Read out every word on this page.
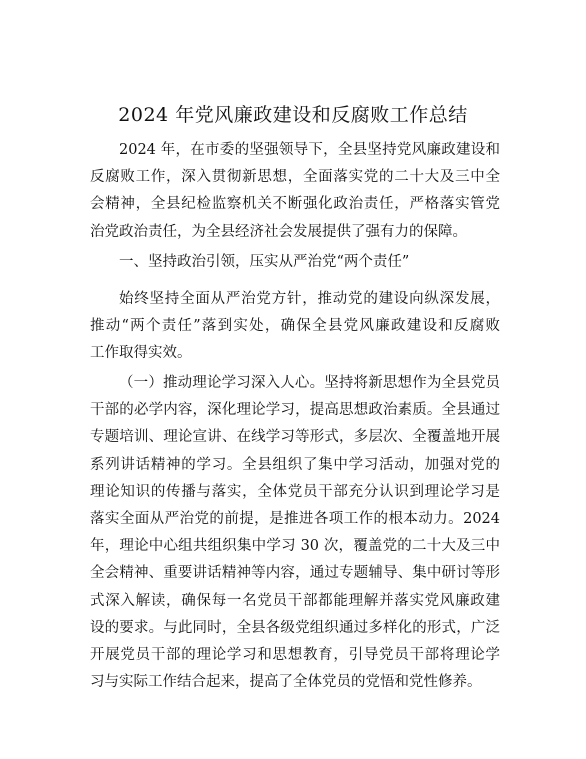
2024 年党风廉政建设和反腐败工作总结
2024 年，在市委的坚强领导下，全县坚持党风廉政建设和
反腐败工作，深入贯彻新思想，全面落实党的二十大及三中全
会精神，全县纪检监察机关不断强化政治责任，严格落实管党
治党政治责任，为全县经济社会发展提供了强有力的保障。
一、坚持政治引领，压实从严治党“两个责任”
始终坚持全面从严治党方针，推动党的建设向纵深发展，
推动“两个责任”落到实处，确保全县党风廉政建设和反腐败
工作取得实效。
（一）推动理论学习深入人心。坚持将新思想作为全县党员
干部的必学内容，深化理论学习，提高思想政治素质。全县通过
专题培训、理论宣讲、在线学习等形式，多层次、全覆盖地开展
系列讲话精神的学习。全县组织了集中学习活动，加强对党的
理论知识的传播与落实，全体党员干部充分认识到理论学习是
落实全面从严治党的前提，是推进各项工作的根本动力。2024
年，理论中心组共组织集中学习 30 次，覆盖党的二十大及三中
全会精神、重要讲话精神等内容，通过专题辅导、集中研讨等形
式深入解读，确保每一名党员干部都能理解并落实党风廉政建
设的要求。与此同时，全县各级党组织通过多样化的形式，广泛
开展党员干部的理论学习和思想教育，引导党员干部将理论学
习与实际工作结合起来，提高了全体党员的党悟和党性修养。
